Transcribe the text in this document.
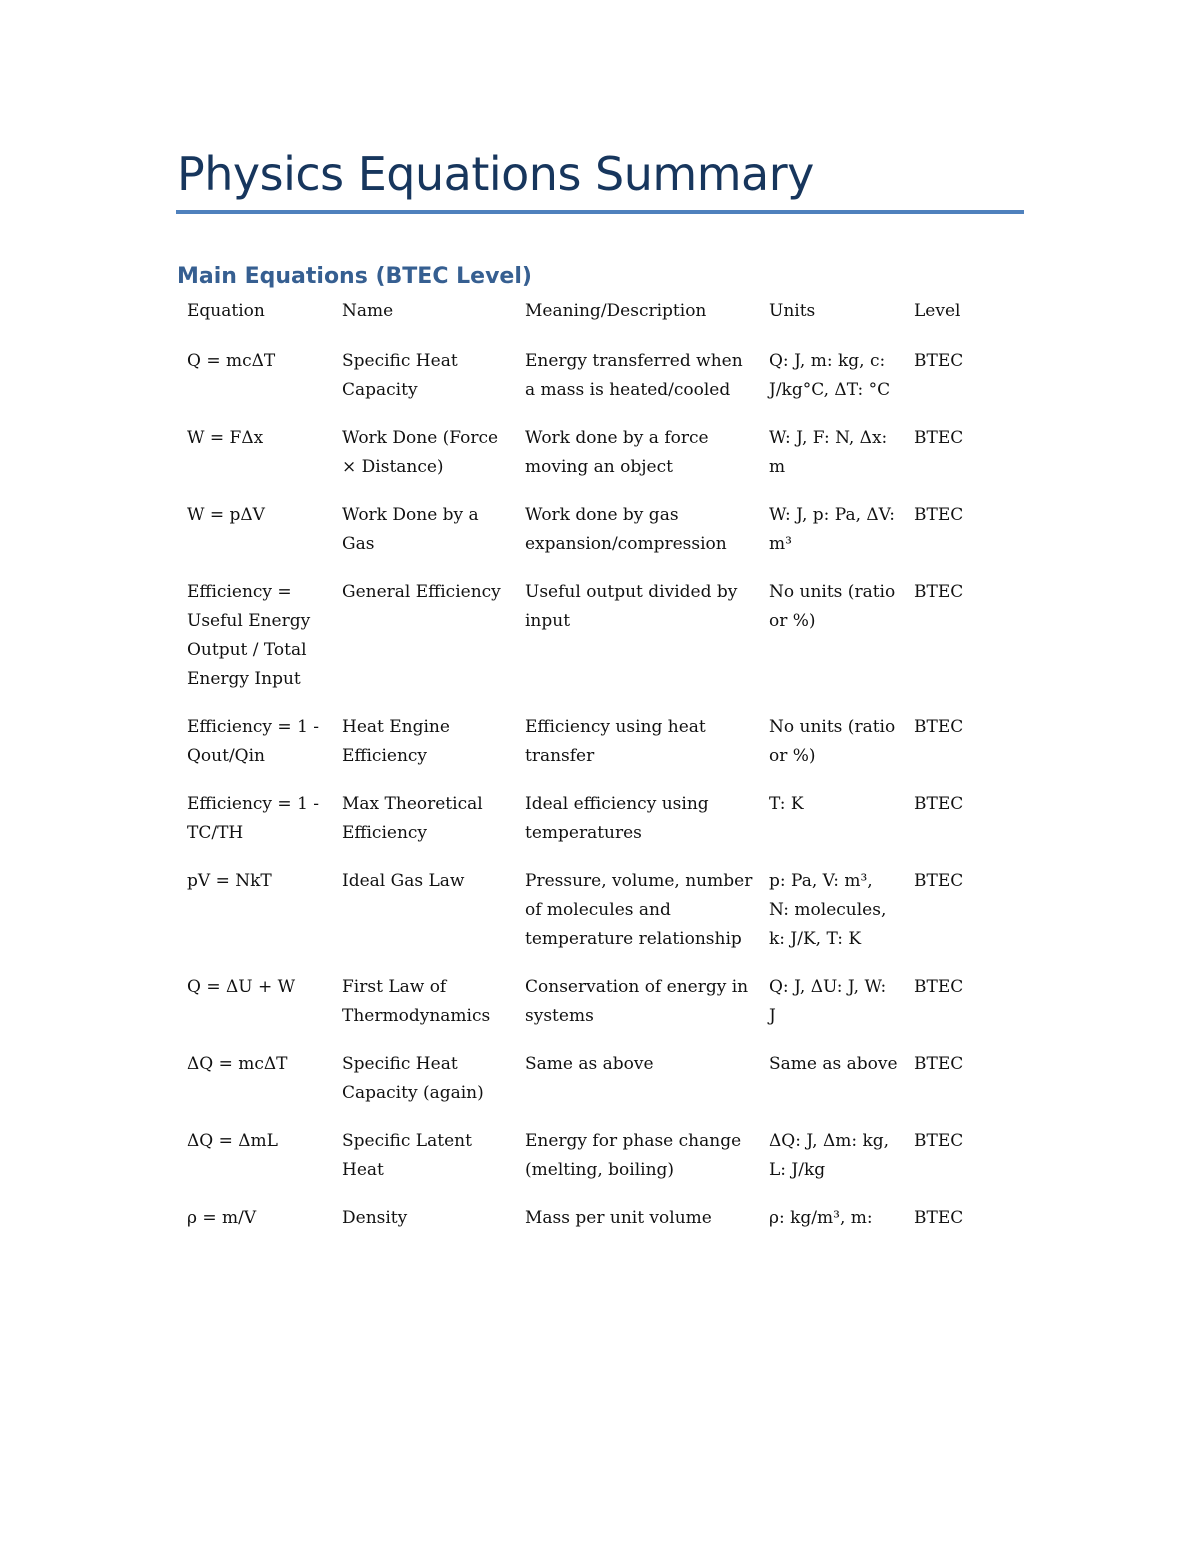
Physics Equations Summary
Main Equations (BTEC Level)
Equation	Name	Meaning/Description	Units	Level
Q = mcΔT	Specific Heat Capacity	Energy transferred when a mass is heated/cooled	Q: J, m: kg, c: J/kg°C, ΔT: °C	BTEC
W = FΔx	Work Done (Force × Distance)	Work done by a force moving an object	W: J, F: N, Δx: m	BTEC
W = pΔV	Work Done by a Gas	Work done by gas expansion/compression	W: J, p: Pa, ΔV: m³	BTEC
Efficiency = Useful Energy Output / Total Energy Input	General Efficiency	Useful output divided by input	No units (ratio or %)	BTEC
Efficiency = 1 - Qout/Qin	Heat Engine Efficiency	Efficiency using heat transfer	No units (ratio or %)	BTEC
Efficiency = 1 - TC/TH	Max Theoretical Efficiency	Ideal efficiency using temperatures	T: K	BTEC
pV = NkT	Ideal Gas Law	Pressure, volume, number of molecules and temperature relationship	p: Pa, V: m³, N: molecules, k: J/K, T: K	BTEC
Q = ΔU + W	First Law of Thermodynamics	Conservation of energy in systems	Q: J, ΔU: J, W: J	BTEC
ΔQ = mcΔT	Specific Heat Capacity (again)	Same as above	Same as above	BTEC
ΔQ = ΔmL	Specific Latent Heat	Energy for phase change (melting, boiling)	ΔQ: J, Δm: kg, L: J/kg	BTEC
ρ = m/V	Density	Mass per unit volume	ρ: kg/m³, m:	BTEC
